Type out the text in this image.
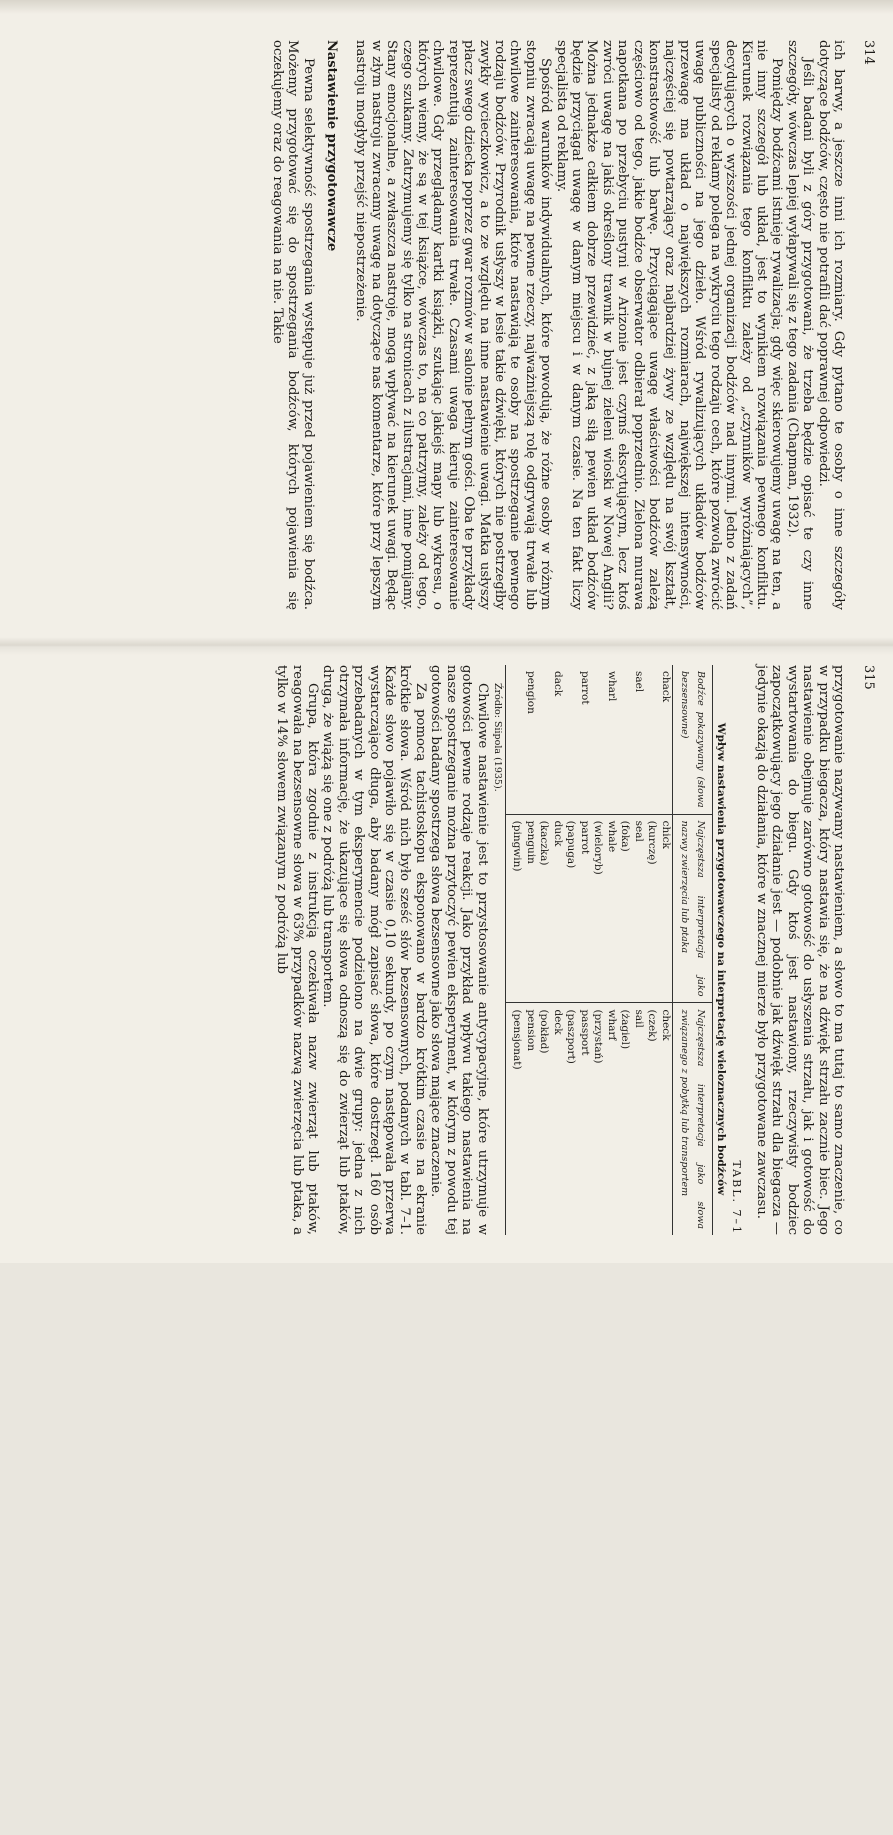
ich barwy, a jeszcze inni ich rozmiary. Gdy pytano te osoby o inne szczegóły dotyczące bodźców, często nie potrafili dać poprawnej odpowiedzi.

Jeśli badani byli z góry przygotowani, że trzeba będzie opisać te czy inne szczegóły, wówczas lepiej wyłapywali się z tego zadania (Chapman, 1932).

Pomiędzy bodźcami istnieje rywalizacja; gdy więc skierowujemy uwagę na ten, a nie inny szczegół lub układ, jest to wynikiem rozwiązania pewnego konfliktu. Kierunek rozwiązania tego konfliktu zależy od „czynników wyróżniających”, decydujących o wyższości jednej organizacji bodźców nad innymi. Jedno z zadań specjalisty od reklamy polega na wykryciu tego rodzaju cech, które pozwolą zwrócić uwagę publiczności na jego dzieło. Wśród rywalizujących układów bodźców przewagę ma układ o największych rozmiarach, największej intensywności, najczęściej się powtarzający oraz najbardziej żywy ze względu na swój kształt, konstrastowość lub barwę. Przyciągające uwagę właściwości bodźców zależą częściowo od tego, jakie bodźce obserwator odbierał poprzednio. Zielona murawa napotkana po przebyciu pustyni w Arizonie jest czymś ekscytującym, lecz ktoś zwróci uwagę na jakiś określony trawnik w bujnej zieleni wioski w Nowej Anglii? Można jednakże całkiem dobrze przewidzieć, z jaką siłą pewien układ bodźców będzie przyciągał uwagę w danym miejscu i w danym czasie. Na ten fakt liczy specjalista od reklamy.

Spośród warunków indywidualnych, które powodują, że różne osoby w różnym stopniu zwracają uwagę na pewne rzeczy, najważniejszą rolę odgrywają trwałe lub chwilowe zainteresowania, które nastawiają te osoby na spostrzeganie pewnego rodzaju bodźców. Przyrodnik usłyszy w lesie takie dźwięki, których nie postrzegłby zwykły wycieczkowicz, a to ze względu na inne nastawienie uwagi. Matka usłyszy płacz swego dziecka poprzez gwar rozmów w salonie pełnym gości. Oba te przykłady reprezentują zainteresowania trwałe. Czasami uwaga kieruje zainteresowanie chwilowe. Gdy przeglądamy kartki książki, szukając jakiejś mapy lub wykresu, o których wiemy, że są w tej książce, wówczas to, na co patrzymy, zależy od tego, czego szukamy. Zatrzymujemy się tylko na stronicach z ilustracjami, inne pomijamy. Stany emocjonalne, a zwłaszcza nastroje, mogą wpływać na kierunek uwagi. Będąc w złym nastroju zwracamy uwagę na dotyczące nas komentarze, które przy lepszym nastroju mogłyby przejść niepostrzeżenie.

Nastawienie przygotowawcze

Pewna selektywność spostrzegania występuje już przed pojawieniem się bodźca. Możemy przygotować się do spostrzegania bodźców, których pojawienia się oczekujemy oraz do reagowania na nie. Takie	314

przygotowanie nazywamy nastawieniem, a słowo to ma tutaj to samo znaczenie, co w przypadku biegacza, który nastawia się, że na dźwięk strzału zacznie biec. Jego nastawienie obejmuje zarówno gotowość do usłyszenia strzału, jak i gotowość do wystartowania do biegu. Gdy ktoś jest nastawiony, rzeczywisty bodziec zapoczątkowujący jego działanie jest — podobnie jak dźwięk strzału dla biegacza — jedynie okazją do działania, które w znacznej mierze było przygotowane zawczasu.

TABL. 7–1

Wpływ nastawienia przygotowawczego na interpretację wieloznacznych bodźców

Bodźce pokazywany (słowa bezsensowne)	Najczęstsza interpretacja jako nazwy zwierzęcia lub ptaka	Najczęstsza interpretacja jako słowa związanego z pobytką lub transportem
chack	chick	check
	(kurczę)	(czek)
sael	seal	sail
	(foka)	(żagiel)
wharl	whale	wharf
	(wieloryb)	(przystań)
parrot	parrot	passport
	(papuga)	(paszport)
dack	duck	deck
	(kaczka)	(pokład)
pengion	penguin	pension
	(pingwin)	(pensjonat)

Źródło: Siipola (1935).

Chwilowe nastawienie jest to przystosowanie antycypacyjne, które utrzymuje w gotowości pewne rodzaje reakcji. Jako przykład wpływu takiego nastawienia na nasze spostrzeganie można przytoczyć pewien eksperyment, w którym z powodu tej gotowości badany spostrzega słowa bezsensowne jako słowa mające znaczenie.

Za pomocą tachistoskopu eksponowano w bardzo krótkim czasie na ekranie krótkie słowa. Wśród nich było sześć słów bezsensownych, podanych w tabl. 7–1. Każde słowo pojawiło się w czasie 0,10 sekundy, po czym następowała przerwa wystarczająco długa, aby badany mógł zapisać słowa, które dostrzegł. 160 osób przebadanych w tym eksperymencie podzielono na dwie grupy: jedna z nich otrzymała informację, że ukazujące się słowa odnoszą się do zwierząt lub ptaków, druga, że wiążą się one z podróżą lub transportem.

Grupa, która zgodnie z instrukcją oczekiwała nazw zwierząt lub ptaków, reagowała na bezsensowne słowa w 63% przypadków nazwą zwierzęcia lub ptaka, a tylko w 14% słowem związanym z podróżą lub	315
